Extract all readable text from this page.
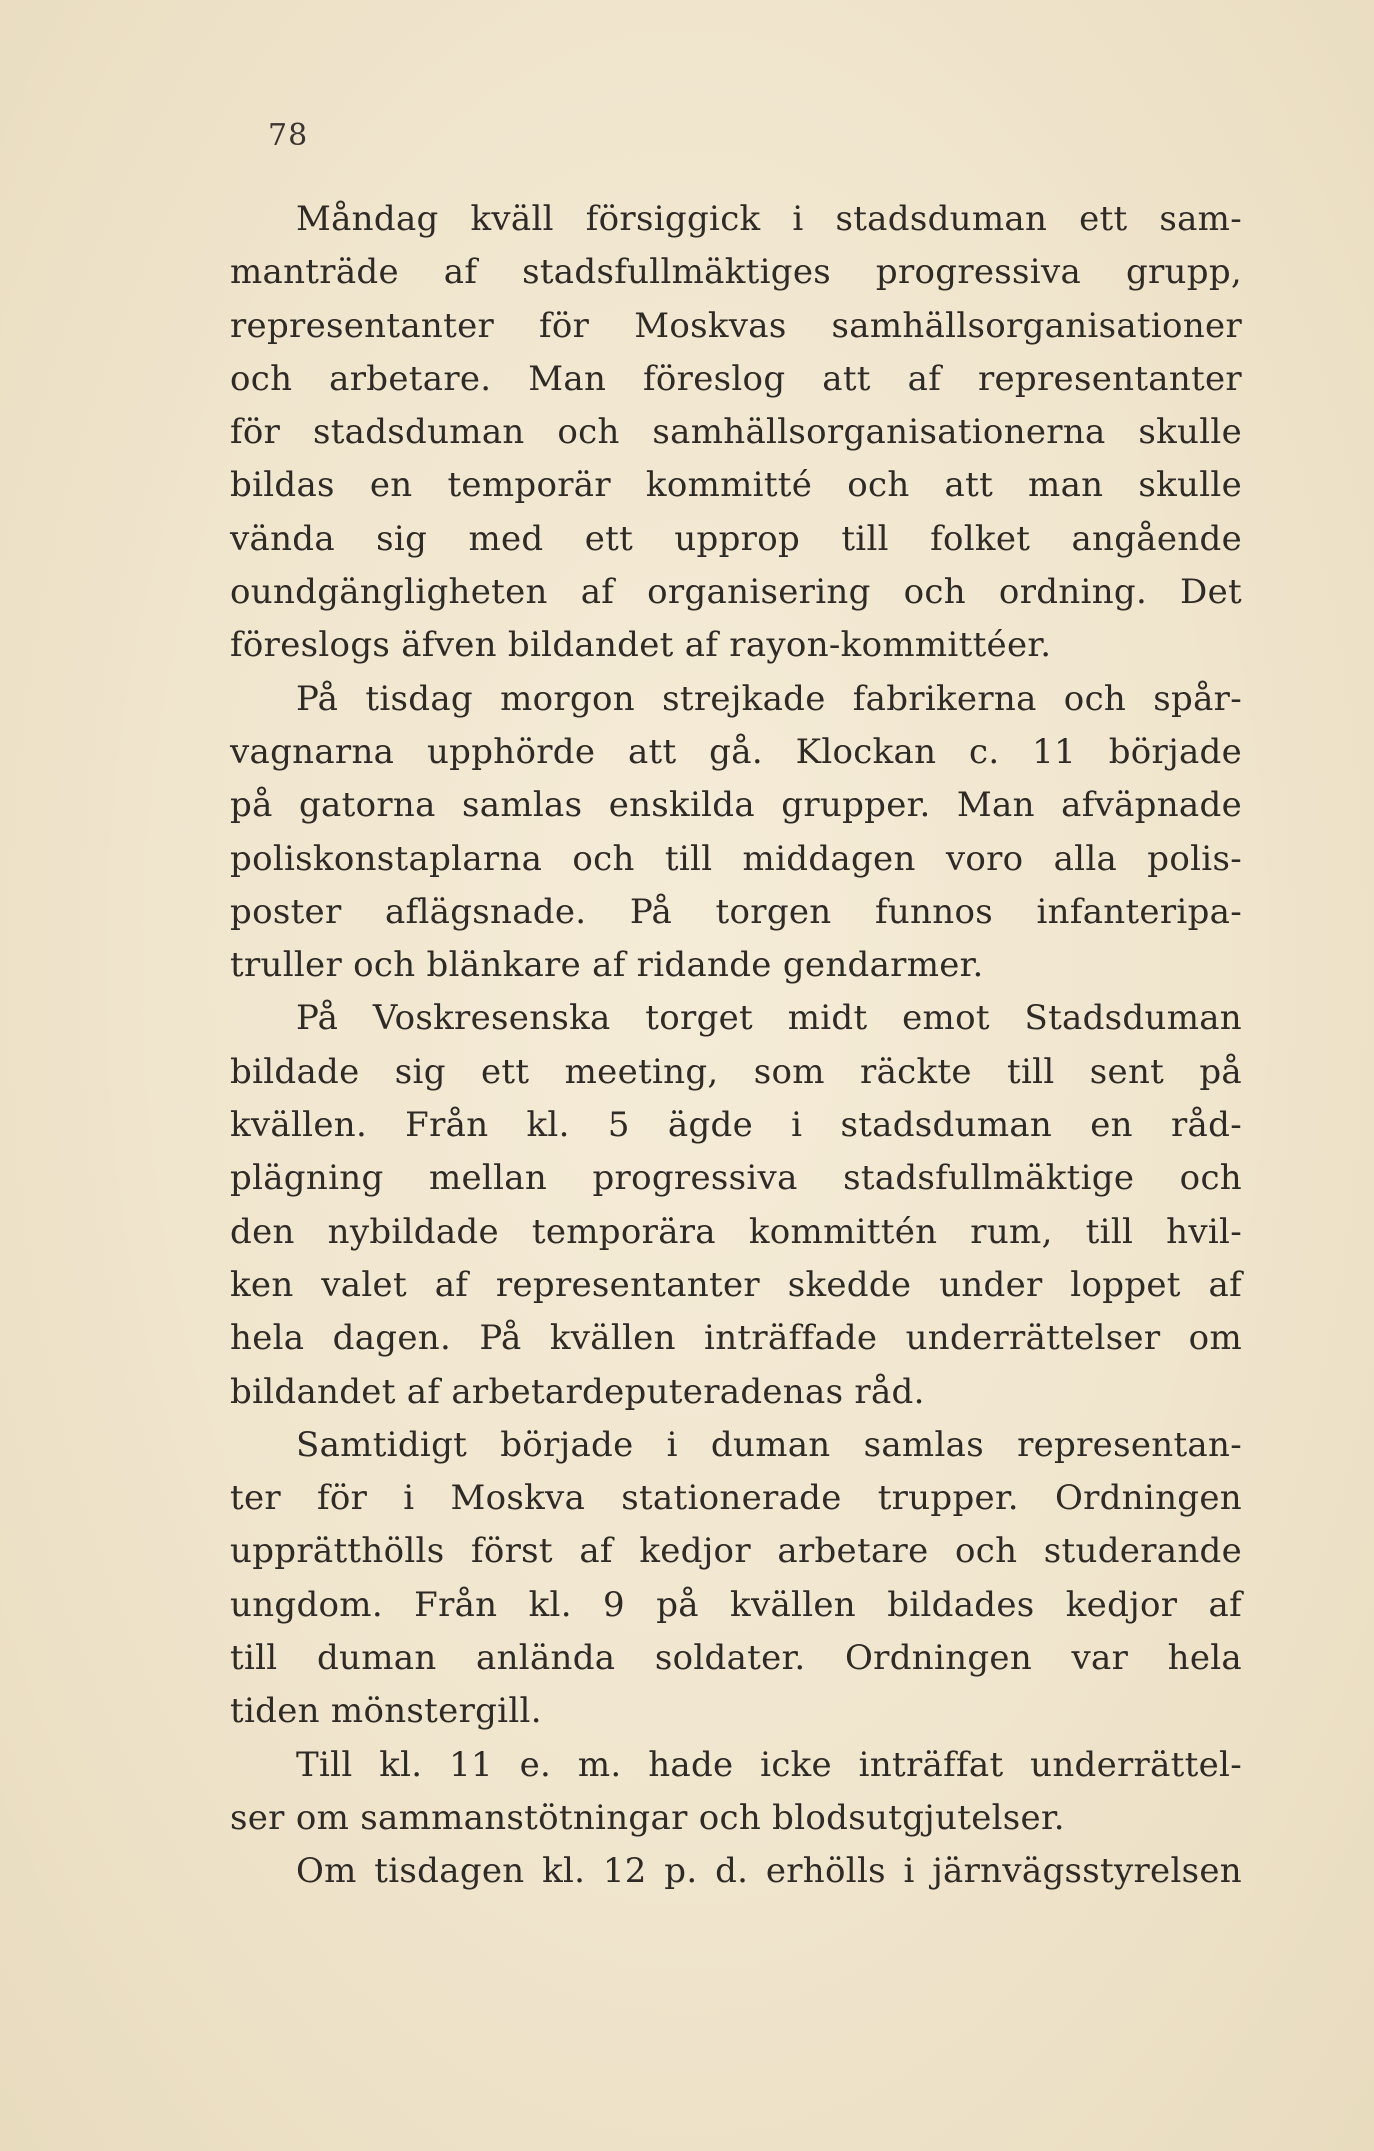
78
Måndag kväll försiggick i stadsduman ett sam-
manträde af stadsfullmäktiges progressiva grupp,
representanter för Moskvas samhällsorganisationer
och arbetare. Man föreslog att af representanter
för stadsduman och samhällsorganisationerna skulle
bildas en temporär kommitté och att man skulle
vända sig med ett upprop till folket angående
oundgängligheten af organisering och ordning. Det
föreslogs äfven bildandet af rayon-kommittéer.
På tisdag morgon strejkade fabrikerna och spår-
vagnarna upphörde att gå. Klockan c. 11 började
på gatorna samlas enskilda grupper. Man afväpnade
poliskonstaplarna och till middagen voro alla polis-
poster aflägsnade. På torgen funnos infanteripa-
truller och blänkare af ridande gendarmer.
På Voskresenska torget midt emot Stadsduman
bildade sig ett meeting, som räckte till sent på
kvällen. Från kl. 5 ägde i stadsduman en råd-
plägning mellan progressiva stadsfullmäktige och
den nybildade temporära kommittén rum, till hvil-
ken valet af representanter skedde under loppet af
hela dagen. På kvällen inträffade underrättelser om
bildandet af arbetardeputeradenas råd.
Samtidigt började i duman samlas representan-
ter för i Moskva stationerade trupper. Ordningen
upprätthölls först af kedjor arbetare och studerande
ungdom. Från kl. 9 på kvällen bildades kedjor af
till duman anlända soldater. Ordningen var hela
tiden mönstergill.
Till kl. 11 e. m. hade icke inträffat underrättel-
ser om sammanstötningar och blodsutgjutelser.
Om tisdagen kl. 12 p. d. erhölls i järnvägsstyrelsen
